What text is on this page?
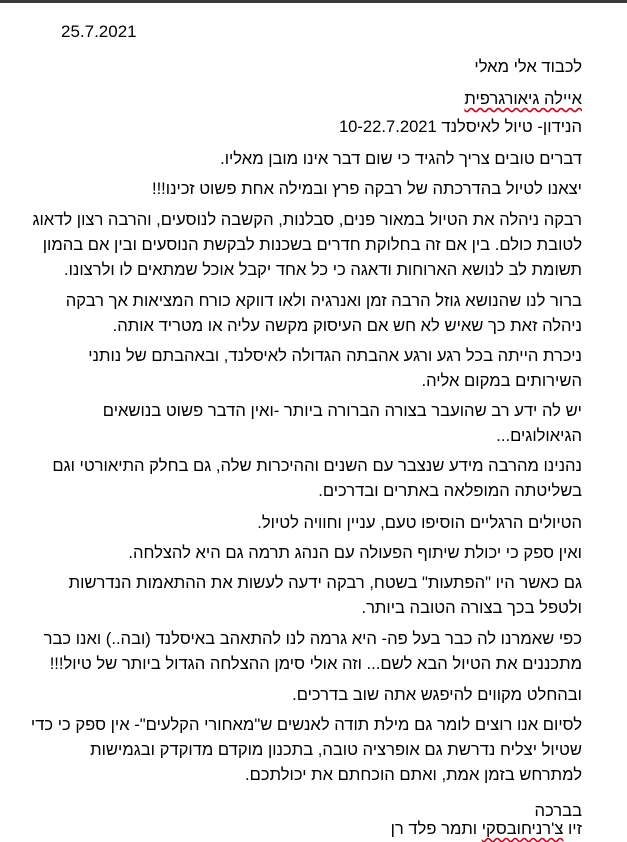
25.7.2021
לכבוד אלי מאלי
איילה גיאורגרפית
הנידון- טיול לאיסלנד 10-22.7.2021
דברים טובים צריך להגיד כי שום דבר אינו מובן מאליו.
יצאנו לטיול בהדרכתה של רבקה פרץ ובמילה אחת פשוט זכינו!!!
רבקה ניהלה את הטיול במאור פנים, סבלנות, הקשבה לנוסעים, והרבה רצון לדאוג
לטובת כולם. בין אם זה בחלוקת חדרים בשכנות לבקשת הנוסעים ובין אם בהמון
תשומת לב לנושא הארוחות ודאגה כי כל אחד יקבל אוכל שמתאים לו ולרצונו.
ברור לנו שהנושא גוזל הרבה זמן ואנרגיה ולאו דווקא כורח המציאות אך רבקה
ניהלה זאת כך שאיש לא חש אם העיסוק מקשה עליה או מטריד אותה.
ניכרת הייתה בכל רגע ורגע אהבתה הגדולה לאיסלנד, ובאהבתם של נותני
השירותים במקום אליה.
יש לה ידע רב שהועבר בצורה הברורה ביותר -ואין הדבר פשוט בנושאים
הגיאולוגים...
נהנינו מהרבה מידע שנצבר עם השנים וההיכרות שלה, גם בחלק התיאורטי וגם
בשליטתה המופלאה באתרים ובדרכים.
הטיולים הרגליים הוסיפו טעם, עניין וחוויה לטיול.
ואין ספק כי יכולת שיתוף הפעולה עם הנהג תרמה גם היא להצלחה.
גם כאשר היו "הפתעות" בשטח, רבקה ידעה לעשות את ההתאמות הנדרשות
ולטפל בכך בצורה הטובה ביותר.
כפי שאמרנו לה כבר בעל פה- היא גרמה לנו להתאהב באיסלנד (ובה..) ואנו כבר
מתכננים את הטיול הבא לשם... וזה אולי סימן ההצלחה הגדול ביותר של טיול!!!
ובהחלט מקווים להיפגש אתה שוב בדרכים.
לסיום אנו רוצים לומר גם מילת תודה לאנשים ש"מאחורי הקלעים"- אין ספק כי כדי
שטיול יצליח נדרשת גם אופרציה טובה, בתכנון מוקדם מדוקדק ובגמישות
למתרחש בזמן אמת, ואתם הוכחתם את יכולתכם.
בברכה
זיו צ'רניחובסקי ותמר פלד רן
